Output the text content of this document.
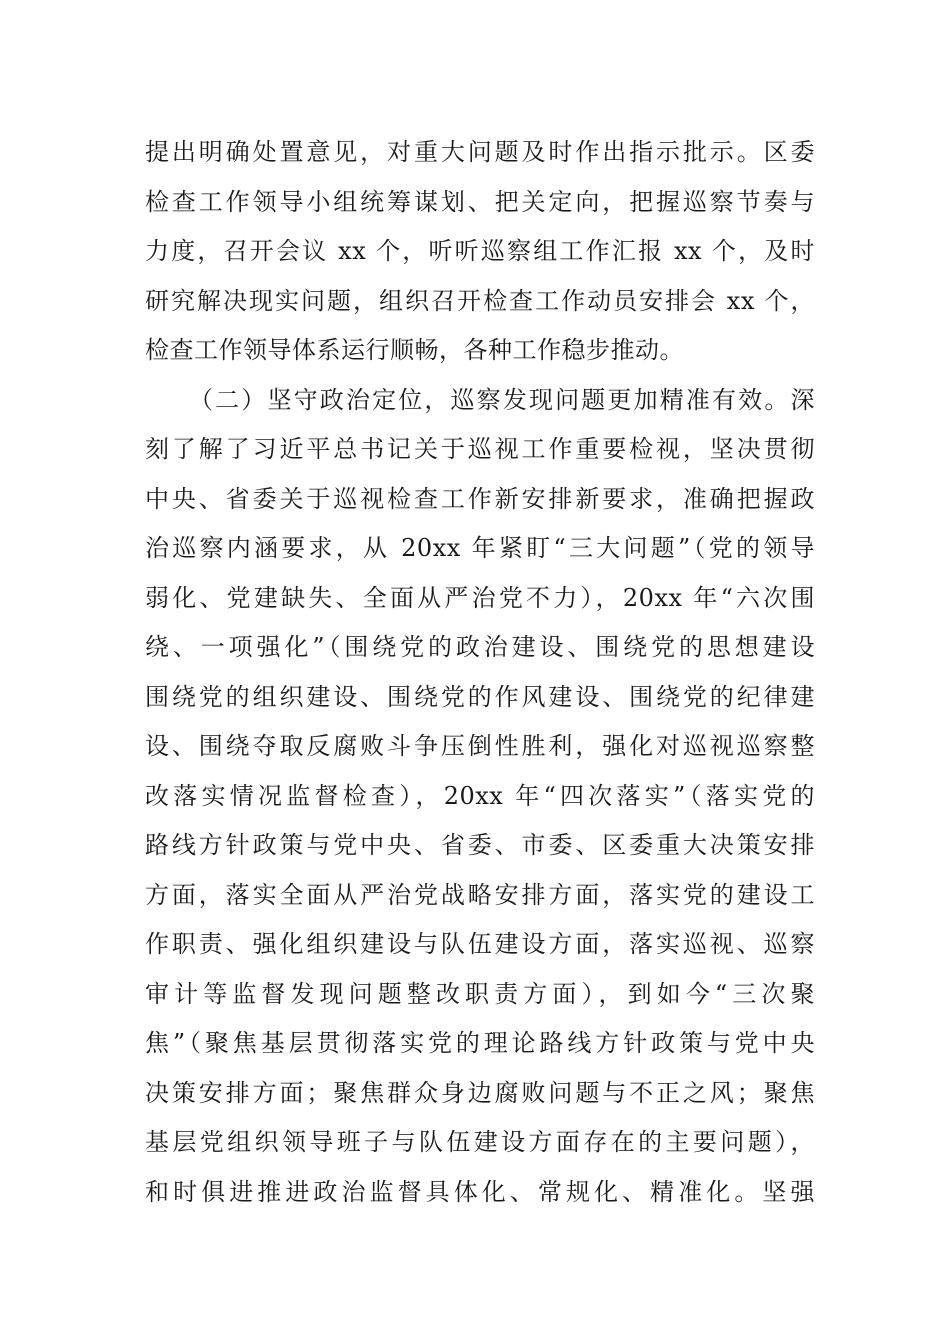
提出明确处置意见，对重大问题及时作出指示批示。区委
检查工作领导小组统筹谋划、把关定向，把握巡察节奏与
力度，召开会议 xx 个，听听巡察组工作汇报 xx 个，及时
研究解决现实问题，组织召开检查工作动员安排会 xx 个，
检查工作领导体系运行顺畅，各种工作稳步推动。
（二）坚守政治定位，巡察发现问题更加精准有效。深
刻了解了习近平总书记关于巡视工作重要检视，坚决贯彻
中央、省委关于巡视检查工作新安排新要求，准确把握政
治巡察内涵要求，从 20xx 年紧盯“三大问题”（党的领导
弱化、党建缺失、全面从严治党不力），20xx 年“六次围
绕、一项强化”（围绕党的政治建设、围绕党的思想建设
围绕党的组织建设、围绕党的作风建设、围绕党的纪律建
设、围绕夺取反腐败斗争压倒性胜利，强化对巡视巡察整
改落实情况监督检查），20xx 年“四次落实”（落实党的
路线方针政策与党中央、省委、市委、区委重大决策安排
方面，落实全面从严治党战略安排方面，落实党的建设工
作职责、强化组织建设与队伍建设方面，落实巡视、巡察
审计等监督发现问题整改职责方面），到如今“三次聚
焦”（聚焦基层贯彻落实党的理论路线方针政策与党中央
决策安排方面；聚焦群众身边腐败问题与不正之风；聚焦
基层党组织领导班子与队伍建设方面存在的主要问题），
和时俱进推进政治监督具体化、常规化、精准化。坚强
